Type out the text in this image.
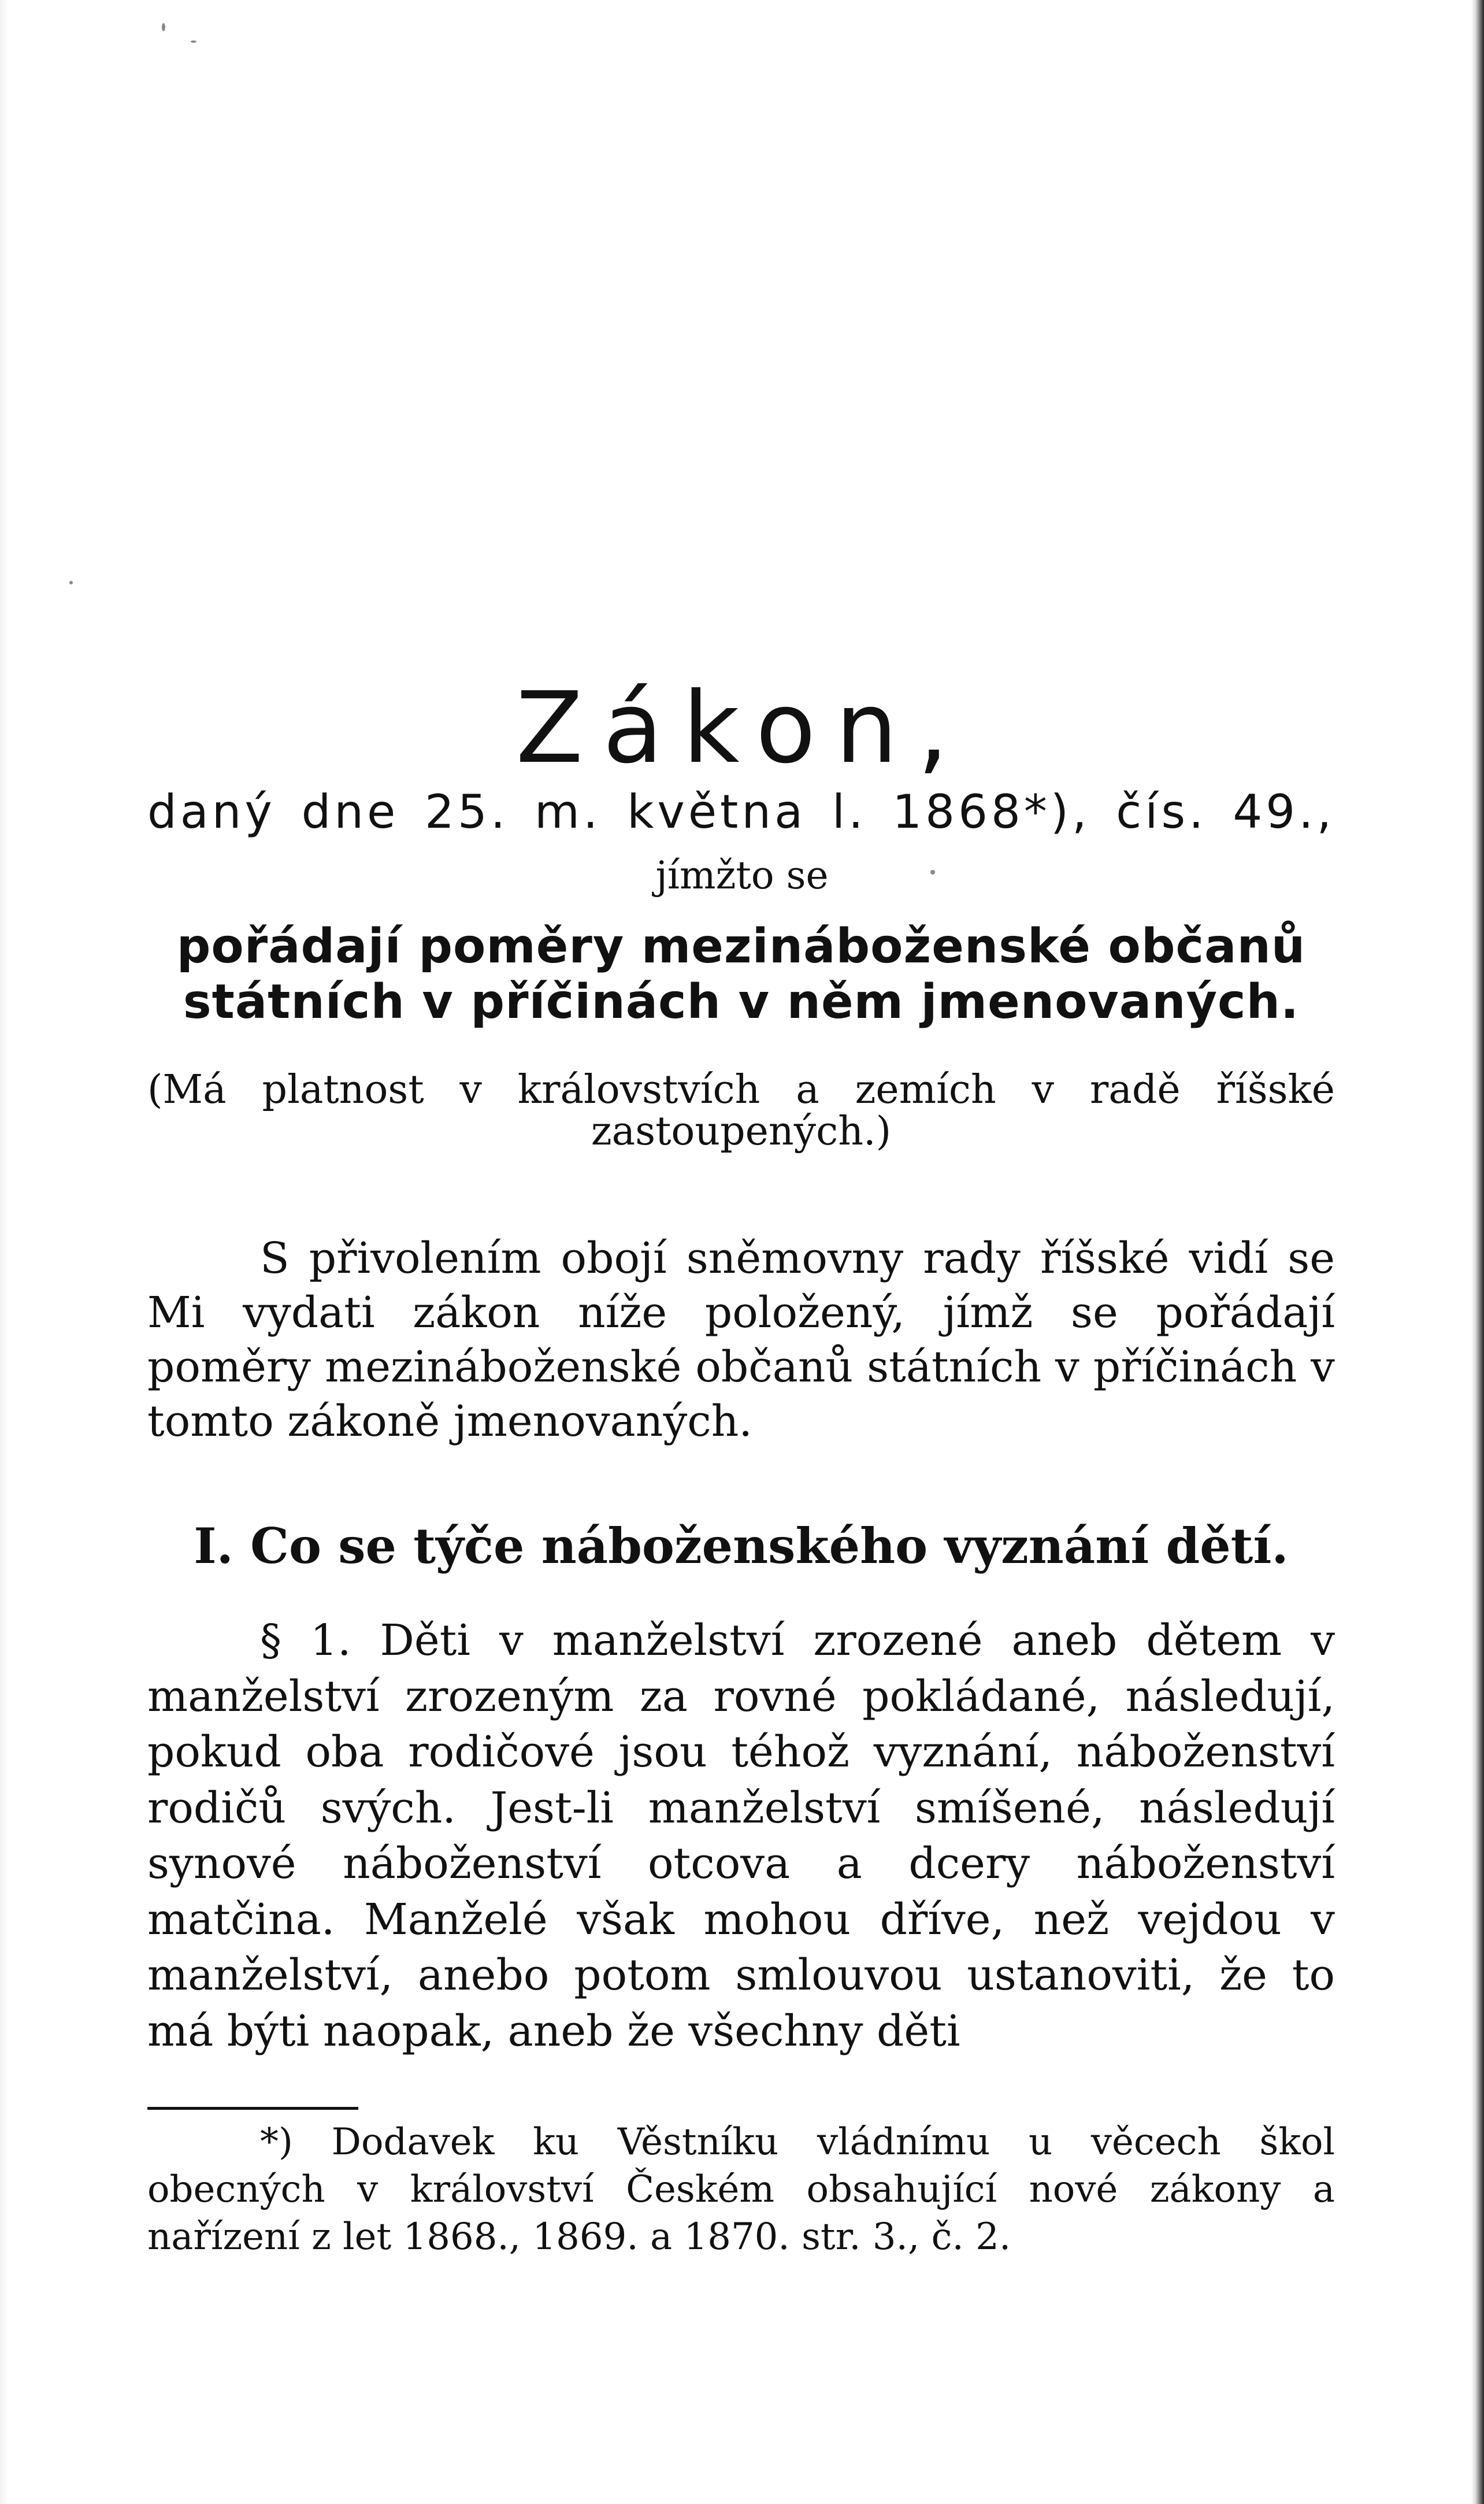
Zákon,
daný dne 25. m. května l. 1868*), čís. 49.,
jímžto se
pořádají poměry mezináboženské občanů státních v příčinách v něm jmenovaných.
(Má platnost v královstvích a zemích v radě říšské zastoupených.)
S přivolením obojí sněmovny rady říšské vidí se Mi vydati zákon níže položený, jímž se pořádají poměry mezináboženské občanů státních v příčinách v tomto zákoně jmenovaných.
I. Co se týče náboženského vyznání dětí.
§ 1. Děti v manželství zrozené aneb dětem v manželství zrozeným za rovné pokládané, následují, pokud oba rodičové jsou téhož vyznání, náboženství rodičů svých. Jest-li manželství smíšené, následují synové náboženství otcova a dcery náboženství matčina. Manželé však mohou dříve, než vejdou v manželství, anebo potom smlouvou ustanoviti, že to má býti naopak, aneb že všechny děti
*) Dodavek ku Věstníku vládnímu u věcech škol obecných v království Českém obsahující nové zákony a nařízení z let 1868., 1869. a 1870. str. 3., č. 2.
